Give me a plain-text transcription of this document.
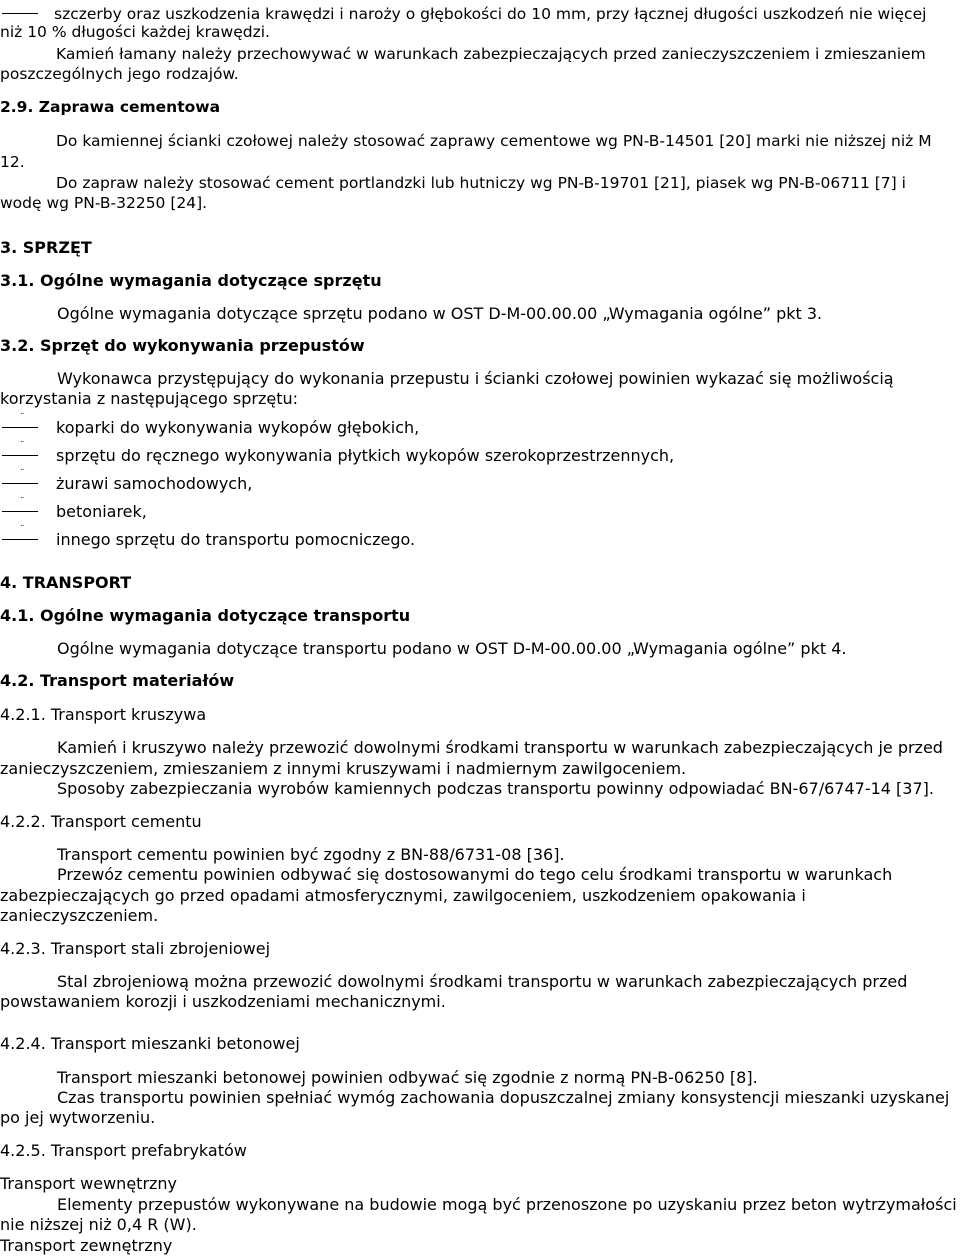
¨
szczerby oraz uszkodzenia krawędzi i naroży o głębokości do 10 mm, przy łącznej długości uszkodzeń nie więcej
niż 10 % długości każdej krawędzi.
Kamień łamany należy przechowywać w warunkach zabezpieczających przed zanieczyszczeniem i zmieszaniem
poszczególnych jego rodzajów.
2.9. Zaprawa cementowa
Do kamiennej ścianki czołowej należy stosować zaprawy cementowe wg PN-B-14501 [20] marki nie niższej niż M
12.
Do zapraw należy stosować cement portlandzki lub hutniczy wg PN-B-19701 [21], piasek wg PN-B-06711 [7] i
wodę wg PN-B-32250 [24].
3. SPRZĘT
3.1. Ogólne wymagania dotyczące sprzętu
Ogólne wymagania dotyczące sprzętu podano w OST D-M-00.00.00 „Wymagania ogólne” pkt 3.
3.2. Sprzęt do wykonywania przepustów
Wykonawca przystępujący do wykonania przepustu i ścianki czołowej powinien wykazać się możliwością
korzystania z następującego sprzętu:
¨ koparki do wykonywania wykopów głębokich,
¨ sprzętu do ręcznego wykonywania płytkich wykopów szerokoprzestrzennych,
¨ żurawi samochodowych,
¨ betoniarek,
¨ innego sprzętu do transportu pomocniczego.
4. TRANSPORT
4.1. Ogólne wymagania dotyczące transportu
Ogólne wymagania dotyczące transportu podano w OST D-M-00.00.00 „Wymagania ogólne” pkt 4.
4.2. Transport materiałów
4.2.1. Transport kruszywa
Kamień i kruszywo należy przewozić dowolnymi środkami transportu w warunkach zabezpieczających je przed
zanieczyszczeniem, zmieszaniem z innymi kruszywami i nadmiernym zawilgoceniem.
Sposoby zabezpieczania wyrobów kamiennych podczas transportu powinny odpowiadać BN-67/6747-14 [37].
4.2.2. Transport cementu
Transport cementu powinien być zgodny z BN-88/6731-08 [36].
Przewóz cementu powinien odbywać się dostosowanymi do tego celu środkami transportu w warunkach
zabezpieczających go przed opadami atmosferycznymi, zawilgoceniem, uszkodzeniem opakowania i
zanieczyszczeniem.
4.2.3. Transport stali zbrojeniowej
Stal zbrojeniową można przewozić dowolnymi środkami transportu w warunkach zabezpieczających przed
powstawaniem korozji i uszkodzeniami mechanicznymi.
4.2.4. Transport mieszanki betonowej
Transport mieszanki betonowej powinien odbywać się zgodnie z normą PN-B-06250 [8].
Czas transportu powinien spełniać wymóg zachowania dopuszczalnej zmiany konsystencji mieszanki uzyskanej
po jej wytworzeniu.
4.2.5. Transport prefabrykatów
Transport wewnętrzny
Elementy przepustów wykonywane na budowie mogą być przenoszone po uzyskaniu przez beton wytrzymałości
nie niższej niż 0,4 R (W).
Transport zewnętrzny
